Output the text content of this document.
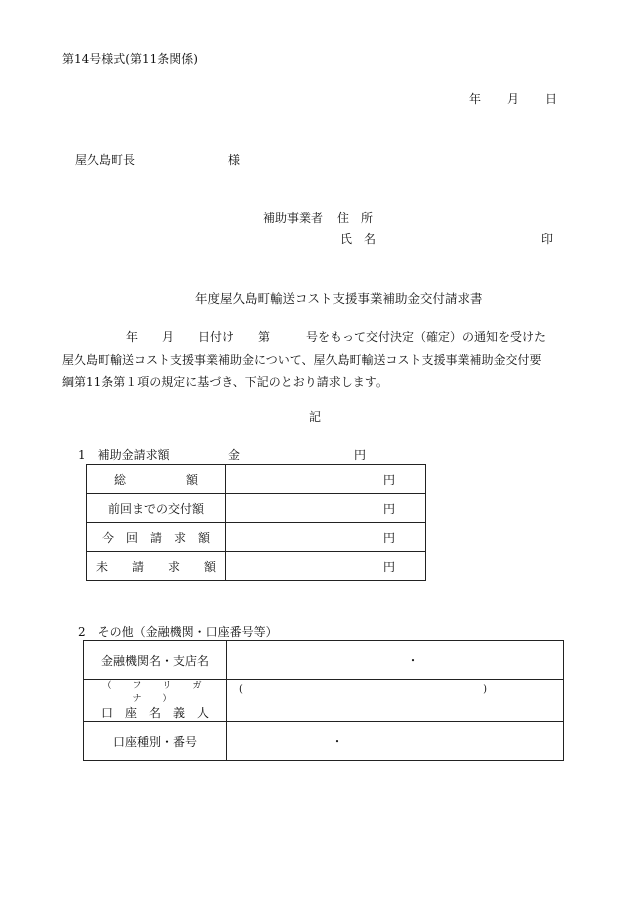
第14号様式(第11条関係)
年 月 日
屋久島町長	様
補助事業者 住　所
氏　名	印
年度屋久島町輸送コスト支援事業補助金交付請求書
年　　月　　日付け　　第　　　号をもって交付決定（確定）の通知を受けた
屋久島町輸送コスト支援事業補助金について、屋久島町輸送コスト支援事業補助金交付要
綱第11条第１項の規定に基づき、下記のとおり請求します。
記
1　補助金請求額	金	円
総　　　　　額	円
前回までの交付額	円
今　回　請　求　額	円
未　　請　　求　　額	円
2　その他（金融機関・口座番号等）
金融機関名・支店名	・

（　フ　リ　ガ　ナ　）
口　座　名　義　人	( )

口座種別・番号	・
